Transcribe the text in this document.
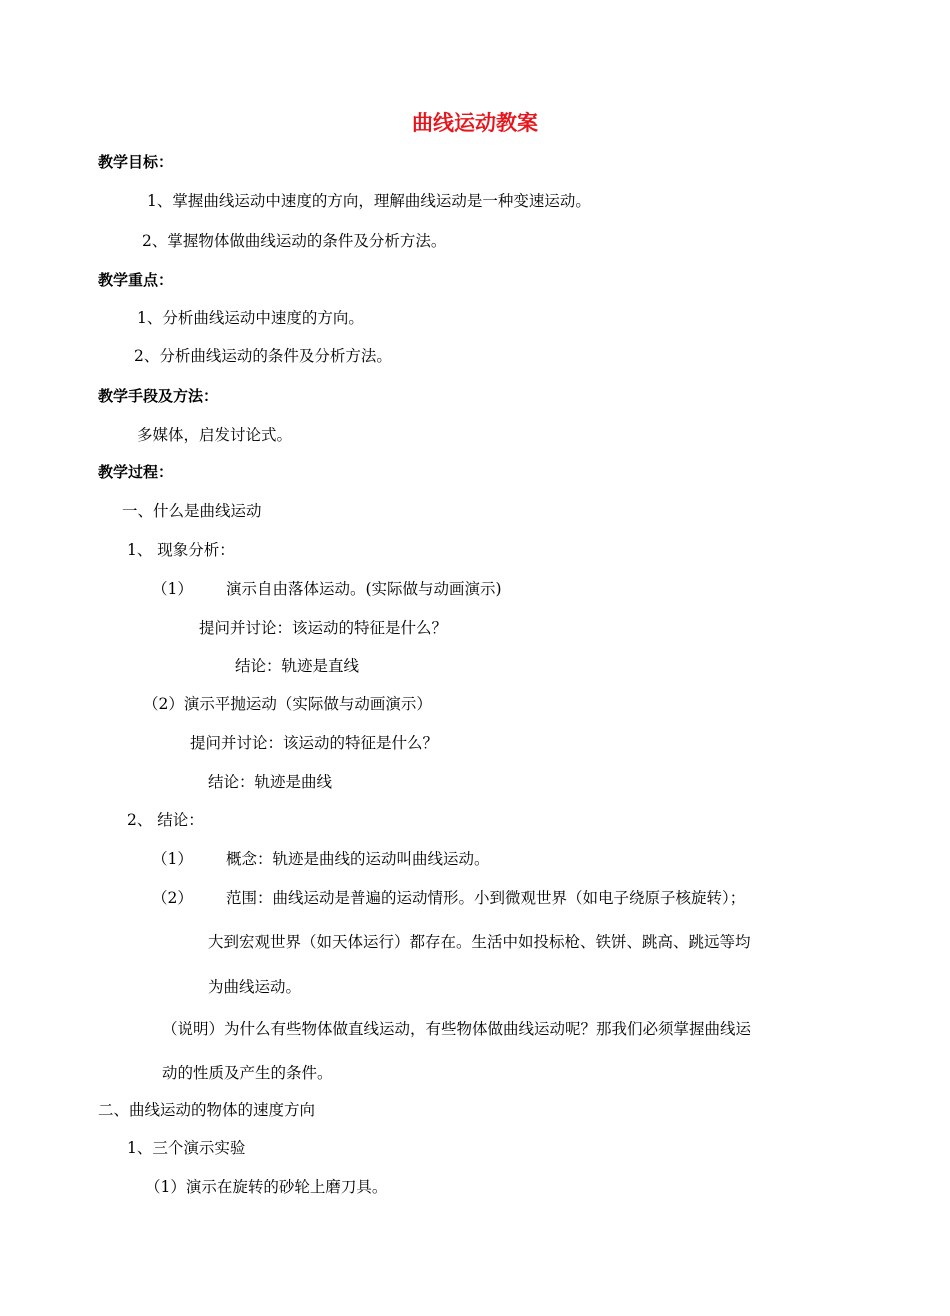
曲线运动教案
教学目标：
1、掌握曲线运动中速度的方向，理解曲线运动是一种变速运动。
2、掌握物体做曲线运动的条件及分析方法。
教学重点：
1、分析曲线运动中速度的方向。
2、分析曲线运动的条件及分析方法。
教学手段及方法：
多媒体，启发讨论式。
教学过程：
一、什么是曲线运动
1、 现象分析：
（1） 演示自由落体运动。(实际做与动画演示)
提问并讨论：该运动的特征是什么？
结论：轨迹是直线
（2）演示平抛运动（实际做与动画演示）
提问并讨论：该运动的特征是什么？
结论：轨迹是曲线
2、 结论：
（1） 概念：轨迹是曲线的运动叫曲线运动。
（2） 范围：曲线运动是普遍的运动情形。小到微观世界（如电子绕原子核旋转）；
大到宏观世界（如天体运行）都存在。生活中如投标枪、铁饼、跳高、跳远等均
为曲线运动。
（说明）为什么有些物体做直线运动，有些物体做曲线运动呢？那我们必须掌握曲线运
动的性质及产生的条件。
二、曲线运动的物体的速度方向
1、三个演示实验
（1）演示在旋转的砂轮上磨刀具。
